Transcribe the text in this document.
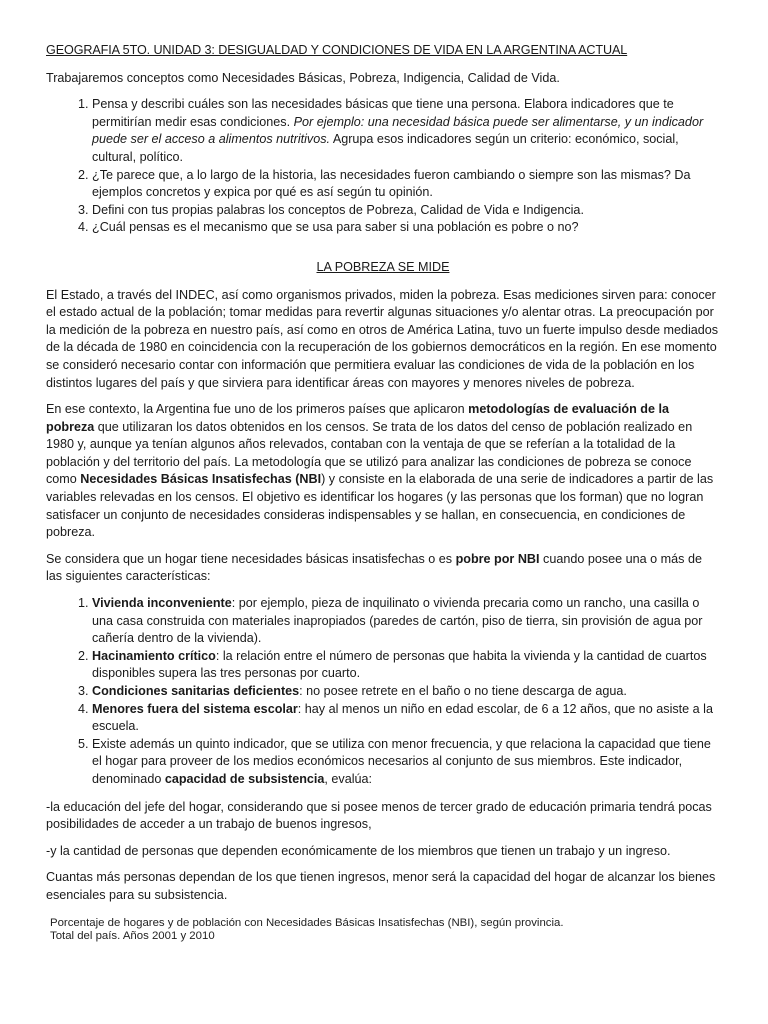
GEOGRAFIA 5TO. UNIDAD 3: DESIGUALDAD Y CONDICIONES DE VIDA EN LA ARGENTINA ACTUAL

Trabajaremos conceptos como Necesidades Básicas, Pobreza, Indigencia, Calidad de Vida.

1. Pensa y describi cuáles son las necesidades básicas que tiene una persona. Elabora indicadores que te permitirían medir esas condiciones. Por ejemplo: una necesidad básica puede ser alimentarse, y un indicador puede ser el acceso a alimentos nutritivos. Agrupa esos indicadores según un criterio: económico, social, cultural, político.
2. ¿Te parece que, a lo largo de la historia, las necesidades fueron cambiando o siempre son las mismas? Da ejemplos concretos y expica por qué es así según tu opinión.
3. Defini con tus propias palabras los conceptos de Pobreza, Calidad de Vida e Indigencia.
4. ¿Cuál pensas es el mecanismo que se usa para saber si una población es pobre o no?
LA POBREZA SE MIDE

El Estado, a través del INDEC, así como organismos privados, miden la pobreza. Esas mediciones sirven para: conocer el estado actual de la población; tomar medidas para revertir algunas situaciones y/o alentar otras. La preocupación por la medición de la pobreza en nuestro país, así como en otros de América Latina, tuvo un fuerte impulso desde mediados de la década de 1980 en coincidencia con la recuperación de los gobiernos democráticos en la región. En ese momento se consideró necesario contar con información que permitiera evaluar las condiciones de vida de la población en los distintos lugares del país y que sirviera para identificar áreas con mayores y menores niveles de pobreza.

En ese contexto, la Argentina fue uno de los primeros países que aplicaron metodologías de evaluación de la pobreza que utilizaran los datos obtenidos en los censos. Se trata de los datos del censo de población realizado en 1980 y, aunque ya tenían algunos años relevados, contaban con la ventaja de que se referían a la totalidad de la población y del territorio del país. La metodología que se utilizó para analizar las condiciones de pobreza se conoce como Necesidades Básicas Insatisfechas (NBI) y consiste en la elaborada de una serie de indicadores a partir de las variables relevadas en los censos. El objetivo es identificar los hogares (y las personas que los forman) que no logran satisfacer un conjunto de necesidades consideras indispensables y se hallan, en consecuencia, en condiciones de pobreza.

Se considera que un hogar tiene necesidades básicas insatisfechas o es pobre por NBI cuando posee una o más de las siguientes características:

1. Vivienda inconveniente: por ejemplo, pieza de inquilinato o vivienda precaria como un rancho, una casilla o una casa construida con materiales inapropiados (paredes de cartón, piso de tierra, sin provisión de agua por cañería dentro de la vivienda).
2. Hacinamiento crítico: la relación entre el número de personas que habita la vivienda y la cantidad de cuartos disponibles supera las tres personas por cuarto.
3. Condiciones sanitarias deficientes: no posee retrete en el baño o no tiene descarga de agua.
4. Menores fuera del sistema escolar: hay al menos un niño en edad escolar, de 6 a 12 años, que no asiste a la escuela.
5. Existe además un quinto indicador, que se utiliza con menor frecuencia, y que relaciona la capacidad que tiene el hogar para proveer de los medios económicos necesarios al conjunto de sus miembros. Este indicador, denominado capacidad de subsistencia, evalúa:

-la educación del jefe del hogar, considerando que si posee menos de tercer grado de educación primaria tendrá pocas posibilidades de acceder a un trabajo de buenos ingresos,

-y la cantidad de personas que dependen económicamente de los miembros que tienen un trabajo y un ingreso.

Cuantas más personas dependan de los que tienen ingresos, menor será la capacidad del hogar de alcanzar los bienes esenciales para su subsistencia.

Porcentaje de hogares y de población con Necesidades Básicas Insatisfechas (NBI), según provincia.
Total del país. Años 2001 y 2010
